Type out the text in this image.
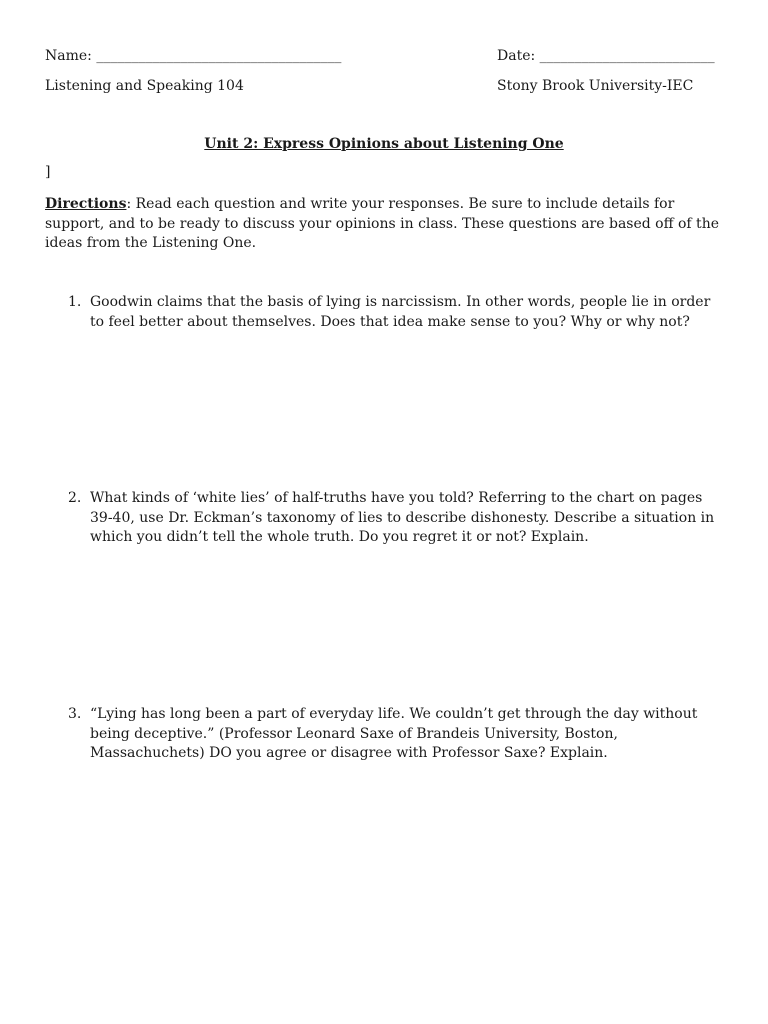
Name: ___________________________________	Date: _________________________
Listening and Speaking 104	Stony Brook University-IEC
Unit 2: Express Opinions about Listening One
]
Directions: Read each question and write your responses. Be sure to include details for support, and to be ready to discuss your opinions in class. These questions are based off of the ideas from the Listening One.
1. Goodwin claims that the basis of lying is narcissism. In other words, people lie in order to feel better about themselves. Does that idea make sense to you? Why or why not?
2. What kinds of ‘white lies’ of half-truths have you told? Referring to the chart on pages 39-40, use Dr. Eckman’s taxonomy of lies to describe dishonesty. Describe a situation in which you didn’t tell the whole truth. Do you regret it or not? Explain.
3. “Lying has long been a part of everyday life. We couldn’t get through the day without being deceptive.” (Professor Leonard Saxe of Brandeis University, Boston, Massachuchets) DO you agree or disagree with Professor Saxe? Explain.
